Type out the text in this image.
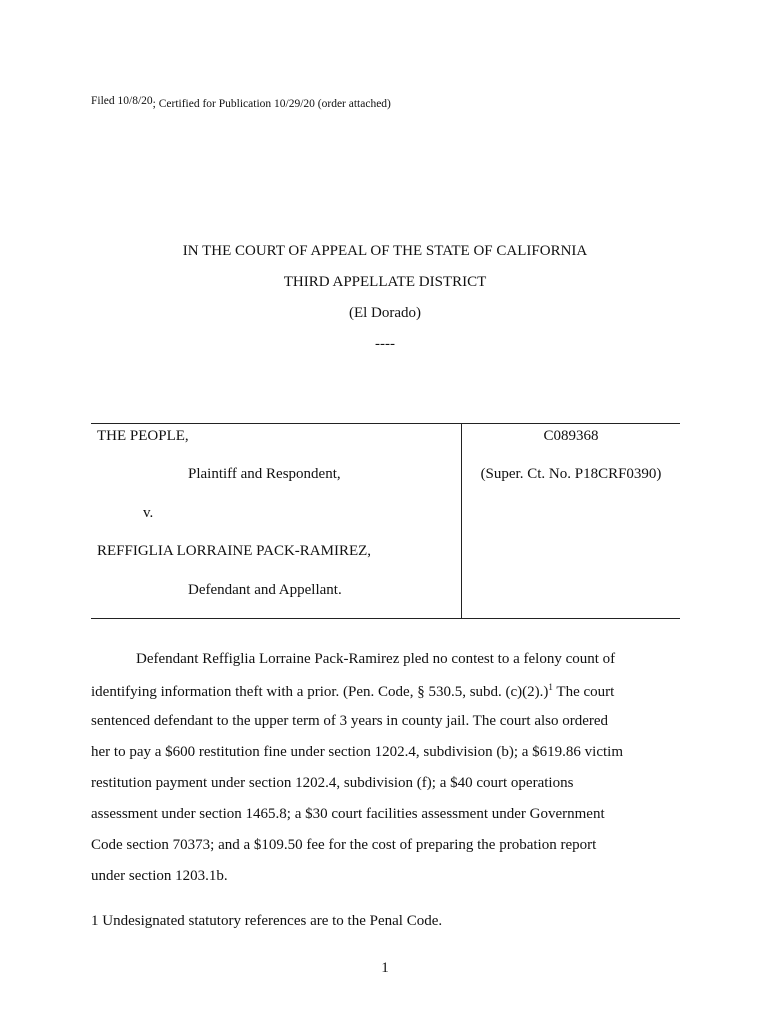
Filed 10/8/20; Certified for Publication 10/29/20 (order attached)
IN THE COURT OF APPEAL OF THE STATE OF CALIFORNIA
THIRD APPELLATE DISTRICT
(El Dorado)
----
THE PEOPLE,
Plaintiff and Respondent,
v.
REFFIGLIA LORRAINE PACK-RAMIREZ,
Defendant and Appellant.
C089368
(Super. Ct. No. P18CRF0390)
Defendant Reffiglia Lorraine Pack-Ramirez pled no contest to a felony count of
identifying information theft with a prior. (Pen. Code, § 530.5, subd. (c)(2).)$^1$ The court
sentenced defendant to the upper term of 3 years in county jail. The court also ordered
her to pay a $600 restitution fine under section 1202.4, subdivision (b); a $619.86 victim
restitution payment under section 1202.4, subdivision (f); a $40 court operations
assessment under section 1465.8; a $30 court facilities assessment under Government
Code section 70373; and a $109.50 fee for the cost of preparing the probation report
under section 1203.1b.
1 Undesignated statutory references are to the Penal Code.
1
